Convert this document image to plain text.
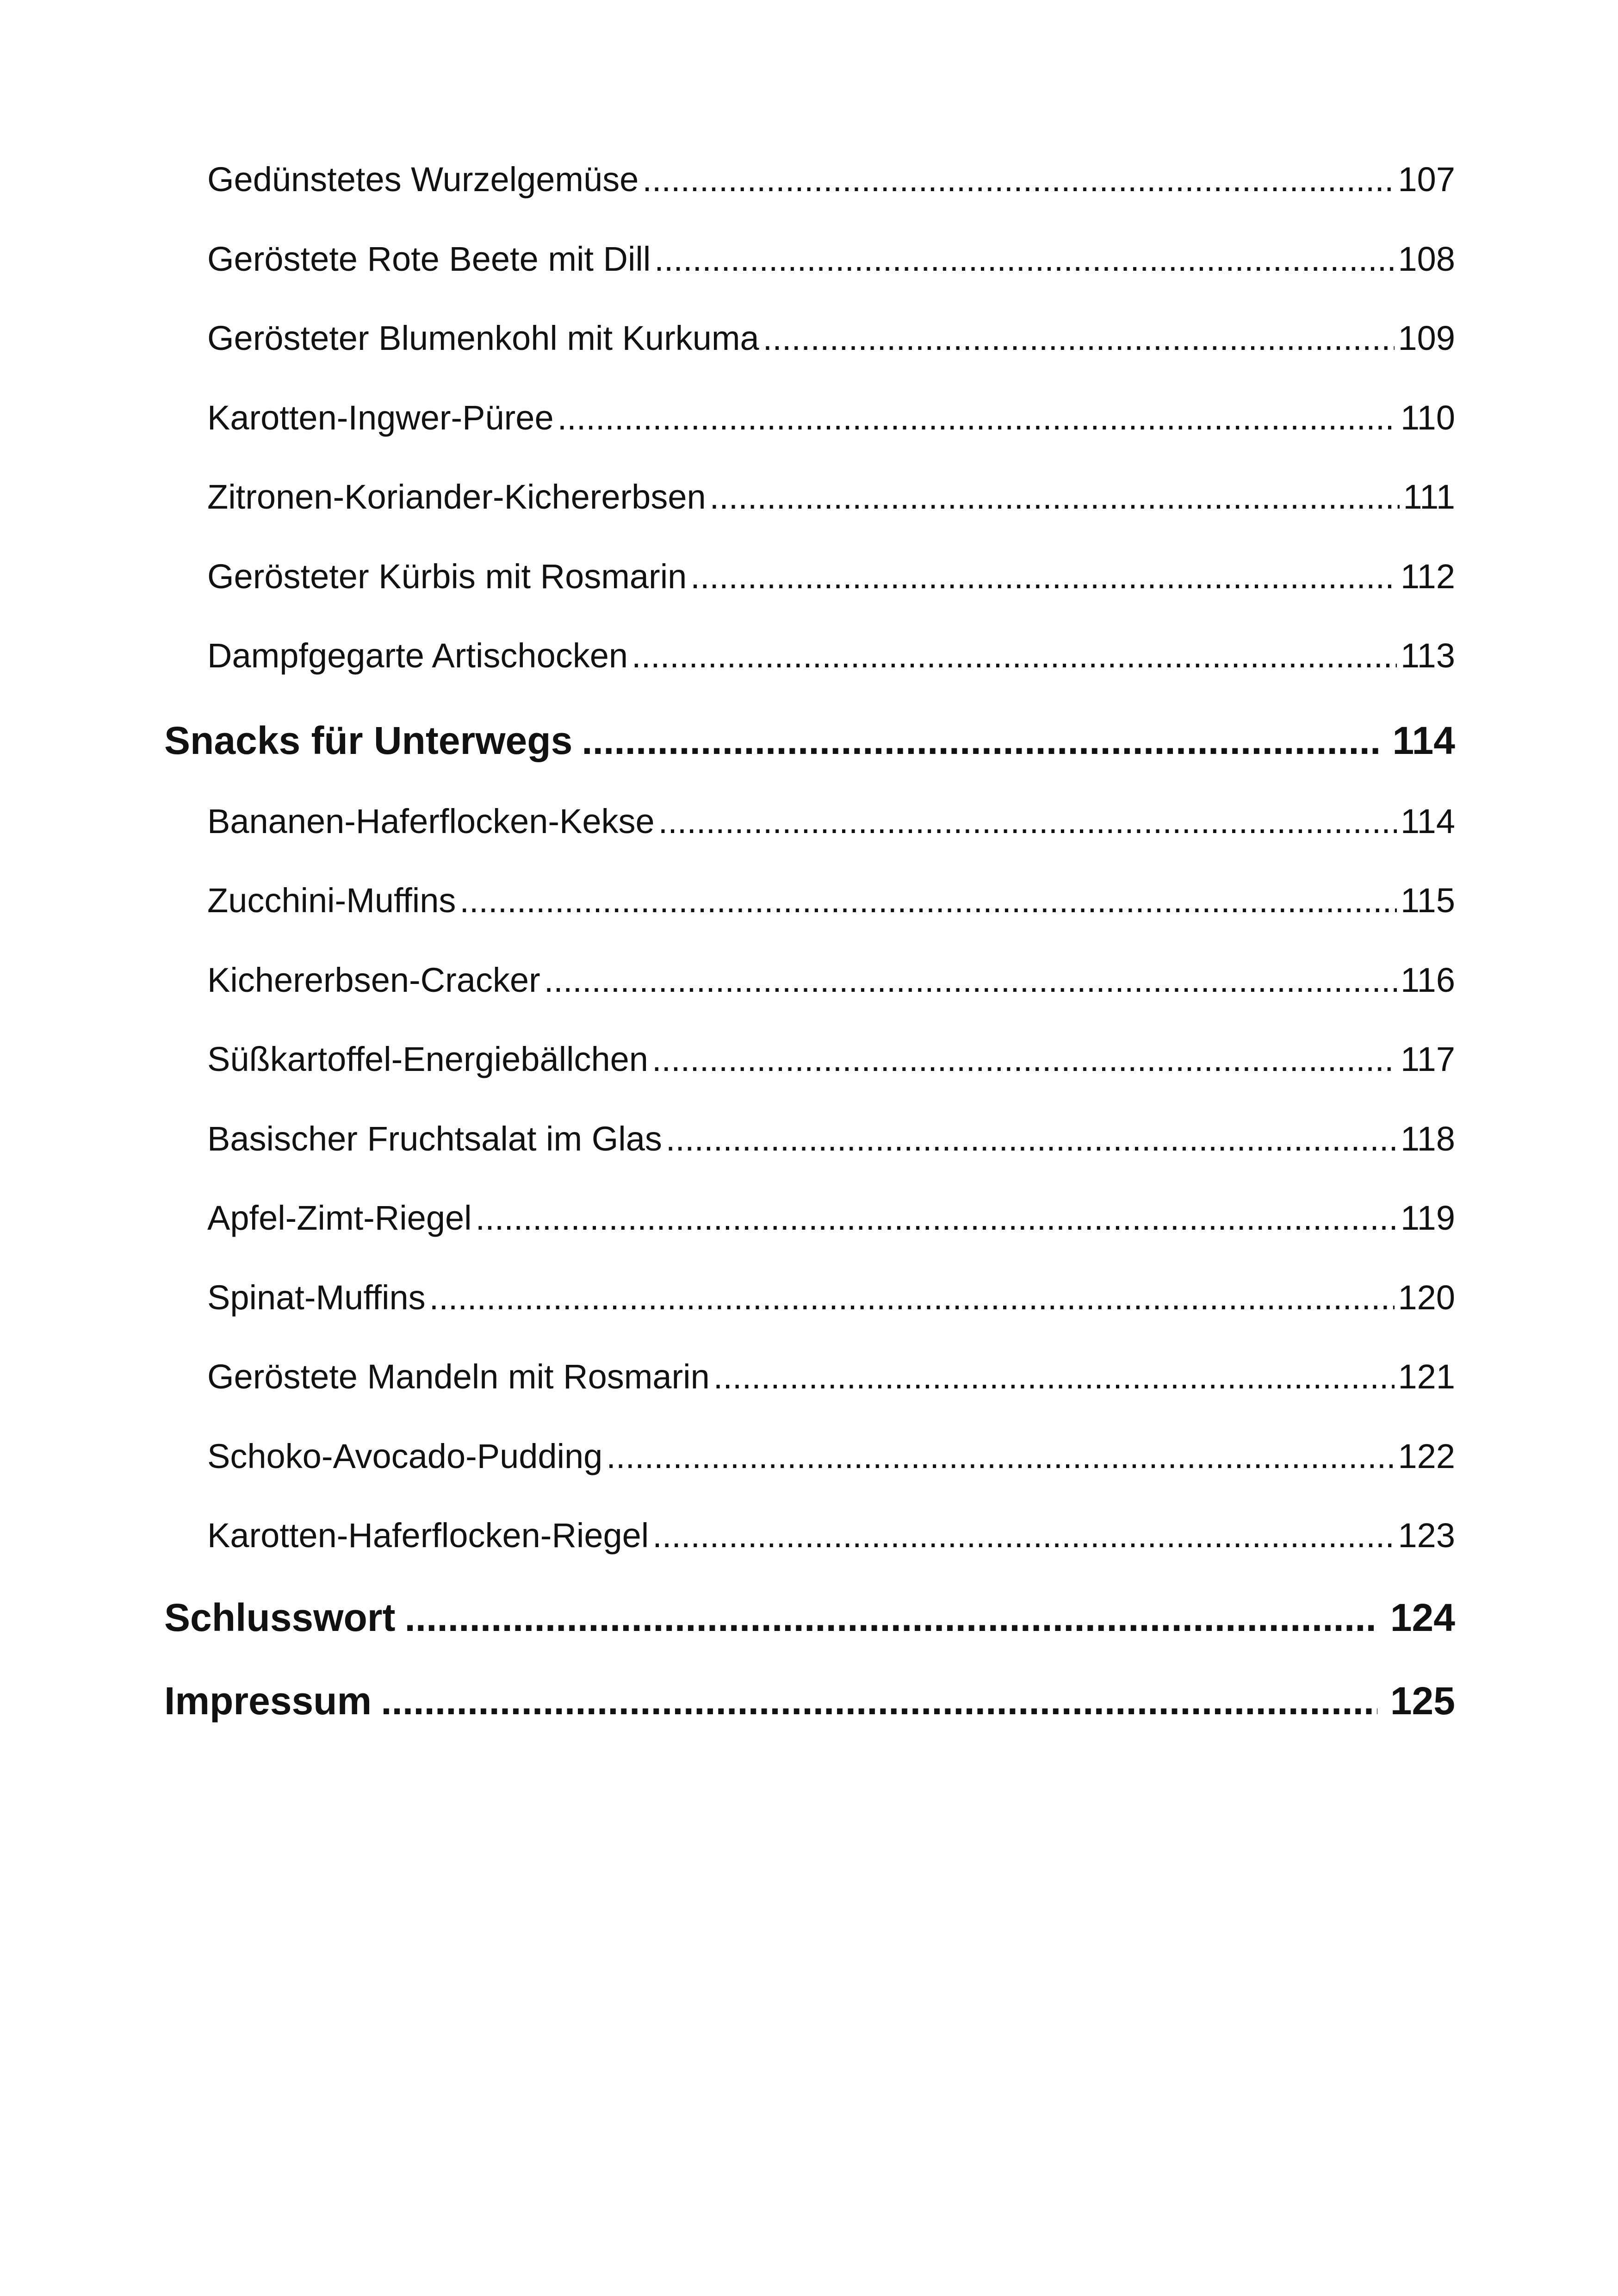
Gedünstetes Wurzelgemüse .....	107
Geröstete Rote Beete mit Dill .....	108
Gerösteter Blumenkohl mit Kurkuma .....	109
Karotten-Ingwer-Püree .....	110
Zitronen-Koriander-Kichererbsen .....	111
Gerösteter Kürbis mit Rosmarin .....	112
Dampfgegarte Artischocken .....	113
Snacks für Unterwegs .....	114
Bananen-Haferflocken-Kekse .....	114
Zucchini-Muffins .....	115
Kichererbsen-Cracker .....	116
Süßkartoffel-Energiebällchen .....	117
Basischer Fruchtsalat im Glas .....	118
Apfel-Zimt-Riegel .....	119
Spinat-Muffins .....	120
Geröstete Mandeln mit Rosmarin .....	121
Schoko-Avocado-Pudding .....	122
Karotten-Haferflocken-Riegel .....	123
Schlusswort .....	124
Impressum .....	125
